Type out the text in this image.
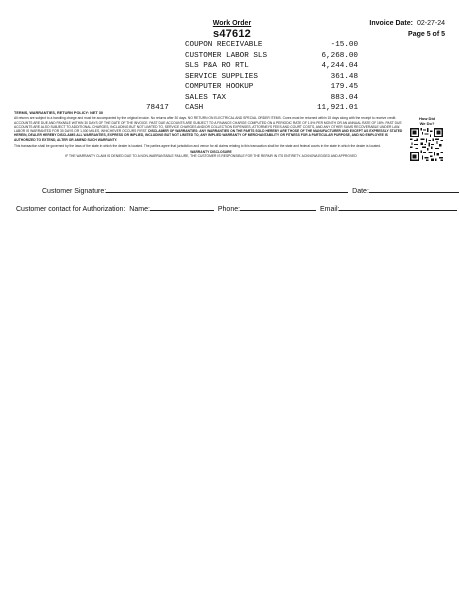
Work Order
s47612
Invoice Date: 02-27-24
Page 5 of 5
COUPON RECEIVABLE	-15.00
CUSTOMER LABOR SLS	6,268.00
SLS P&A RO RTL	4,244.04
SERVICE SUPPLIES	361.48
COMPUTER HOOKUP	179.45
SALES TAX	883.04
78417 CASH	11,921.01
TERMS, WARRANTIES, RETURN POLICY: NET 30

All returns are subject to a handling charge and must be accompanied by the original invoice. No returns after 30 days. NO RETURN ON ELECTRICAL AND SPECIAL ORDER ITEMS. Cores must be returned within 15 days along with the receipt to receive credit. ACCOUNTS ARE DUE AND PAYABLE WITHIN 30 DAYS OF THE DATE OF THE INVOICE. PAST DUE ACCOUNTS ARE SUBJECT TO A FINANCE CHARGE COMPUTED ON A PERIODIC RATE OF 1.5% PER MONTH OR AN ANNUAL RATE OF 18%. PAST DUE ACCOUNTS ARE ALSO SUBJECT TO ADDITIONAL CHARGES, INCLUDING BUT NOT LIMITED TO, SERVICE CHARGES AND/OR COLLECTION EXPENSES, ATTORNEYS FEES AND COURT COSTS, AND ANY OTHER SUMS RECOVERABLE UNDER LAW. LABOR IS WARRANTED FOR 30 DAYS OR 1,000 MILES, WHICHEVER OCCURS FIRST. DISCLAIMER OF WARRANTIES: ANY WARRANTIES ON THE PARTS SOLD HEREBY ARE THOSE OF THE MANUFACTURER AND EXCEPT AS EXPRESSLY STATED HEREIN, DEALER HEREBY DISCLAIMS ALL WARRANTIES, EXPRESS OR IMPLIED, INCLUDING BUT NOT LIMITED TO, ANY IMPLIED WARRANTY OF MERCHANTABILITY OR FITNESS FOR A PARTICULAR PURPOSE, AND NO EMPLOYEE IS AUTHORIZED TO EXTEND, ALTER OR AMEND SUCH WARRANTY.

This transaction shall be governed by the laws of the state in which the dealer is located. The parties agree that jurisdiction and venue for all claims relating to this transaction shall be the state and federal courts in the state in which the dealer is located.

WARRANTY DISCLOSURE
IF THE WARRANTY CLAIM IS DENIED DUE TO A NON-WARRANTABLE FAILURE, THE CUSTOMER IS RESPONSIBLE FOR THE REPAIR IN ITS ENTIRETY. ACKNOWLEDGED AND APPROVED
How Did
We Do?
Customer Signature:	Date:
Customer contact for Authorization: Name:	Phone:	Email:
